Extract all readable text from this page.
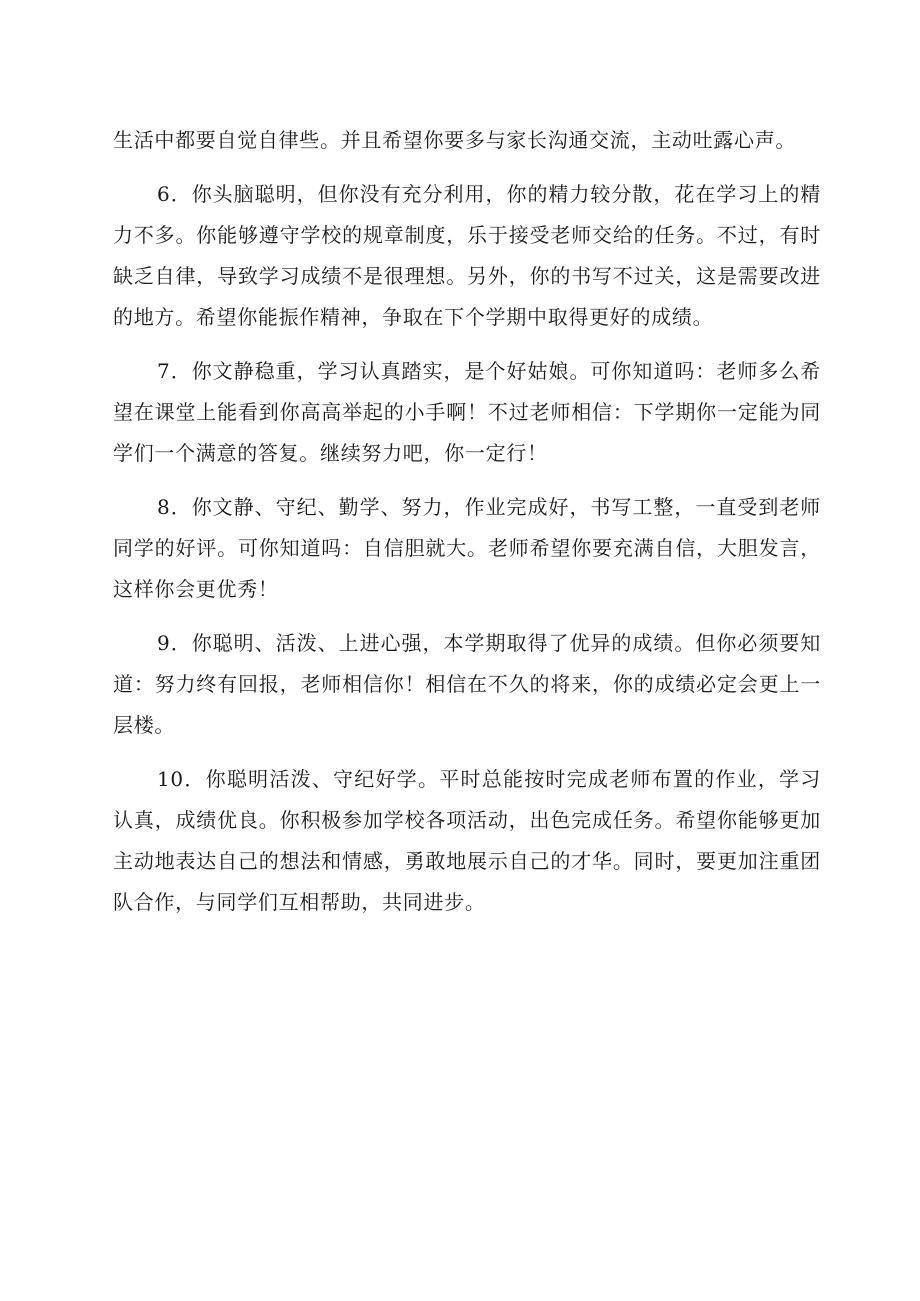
生活中都要自觉自律些。并且希望你要多与家长沟通交流，主动吐露心声。

6．你头脑聪明，但你没有充分利用，你的精力较分散，花在学习上的精力不多。你能够遵守学校的规章制度，乐于接受老师交给的任务。不过，有时缺乏自律，导致学习成绩不是很理想。另外，你的书写不过关，这是需要改进的地方。希望你能振作精神，争取在下个学期中取得更好的成绩。

7．你文静稳重，学习认真踏实，是个好姑娘。可你知道吗：老师多么希望在课堂上能看到你高高举起的小手啊！不过老师相信：下学期你一定能为同学们一个满意的答复。继续努力吧，你一定行！

8．你文静、守纪、勤学、努力，作业完成好，书写工整，一直受到老师同学的好评。可你知道吗：自信胆就大。老师希望你要充满自信，大胆发言，这样你会更优秀！

9．你聪明、活泼、上进心强，本学期取得了优异的成绩。但你必须要知道：努力终有回报，老师相信你！相信在不久的将来，你的成绩必定会更上一层楼。

10．你聪明活泼、守纪好学。平时总能按时完成老师布置的作业，学习认真，成绩优良。你积极参加学校各项活动，出色完成任务。希望你能够更加主动地表达自己的想法和情感，勇敢地展示自己的才华。同时，要更加注重团队合作，与同学们互相帮助，共同进步。
